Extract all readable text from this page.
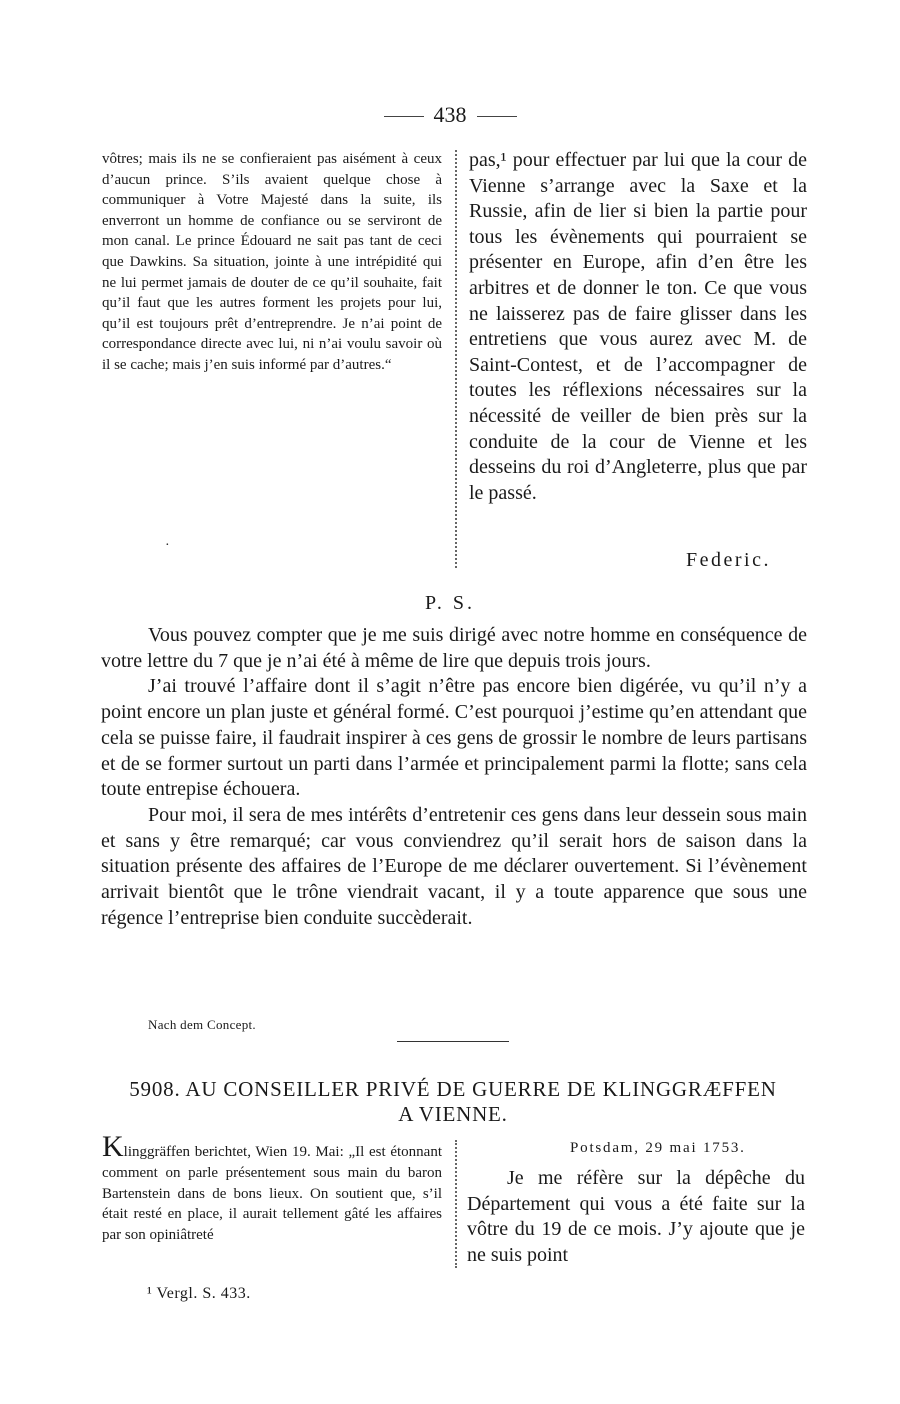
438

vôtres; mais ils ne se confieraient pas aisément à ceux d’aucun prince. S’ils avaient quelque chose à communiquer à Votre Majesté dans la suite, ils enverront un homme de confiance ou se serviront de mon canal. Le prince Édouard ne sait pas tant de ceci que Dawkins. Sa situation, jointe à une intrépidité qui ne lui permet jamais de douter de ce qu’il souhaite, fait qu’il faut que les autres forment les projets pour lui, qu’il est toujours prêt d’entreprendre. Je n’ai point de correspondance directe avec lui, ni n’ai voulu savoir où il se cache; mais j’en suis informé par d’autres.“

pas,¹ pour effectuer par lui que la cour de Vienne s’arrange avec la Saxe et la Russie, afin de lier si bien la partie pour tous les évènements qui pourraient se présenter en Europe, afin d’en être les arbitres et de donner le ton. Ce que vous ne laisserez pas de faire glisser dans les entretiens que vous aurez avec M. de Saint-Contest, et de l’accompagner de toutes les réflexions nécessaires sur la nécessité de veiller de bien près sur la conduite de la cour de Vienne et les desseins du roi d’Angleterre, plus que par le passé.

Federic.
·
P. S.

Vous pouvez compter que je me suis dirigé avec notre homme en conséquence de votre lettre du 7 que je n’ai été à même de lire que depuis trois jours.

J’ai trouvé l’affaire dont il s’agit n’être pas encore bien digérée, vu qu’il n’y a point encore un plan juste et général formé. C’est pourquoi j’estime qu’en attendant que cela se puisse faire, il faudrait inspirer à ces gens de grossir le nombre de leurs partisans et de se former surtout un parti dans l’armée et principalement parmi la flotte; sans cela toute entrepise échouera.

Pour moi, il sera de mes intérêts d’entretenir ces gens dans leur dessein sous main et sans y être remarqué; car vous conviendrez qu’il serait hors de saison dans la situation présente des affaires de l’Europe de me déclarer ouvertement. Si l’évènement arrivait bientôt que le trône viendrait vacant, il y a toute apparence que sous une régence l’entreprise bien conduite succèderait.

Nach dem Concept.
5908. AU CONSEILLER PRIVÉ DE GUERRE DE KLINGGRÆFFEN A VIENNE.

Klinggräffen berichtet, Wien 19. Mai: „Il est étonnant comment on parle présentement sous main du baron Bartenstein dans de bons lieux. On soutient que, s’il était resté en place, il aurait tellement gâté les affaires par son opiniâtreté

Potsdam, 29 mai 1753.

Je me réfère sur la dépêche du Département qui vous a été faite sur la vôtre du 19 de ce mois. J’y ajoute que je ne suis point

¹ Vergl. S. 433.
